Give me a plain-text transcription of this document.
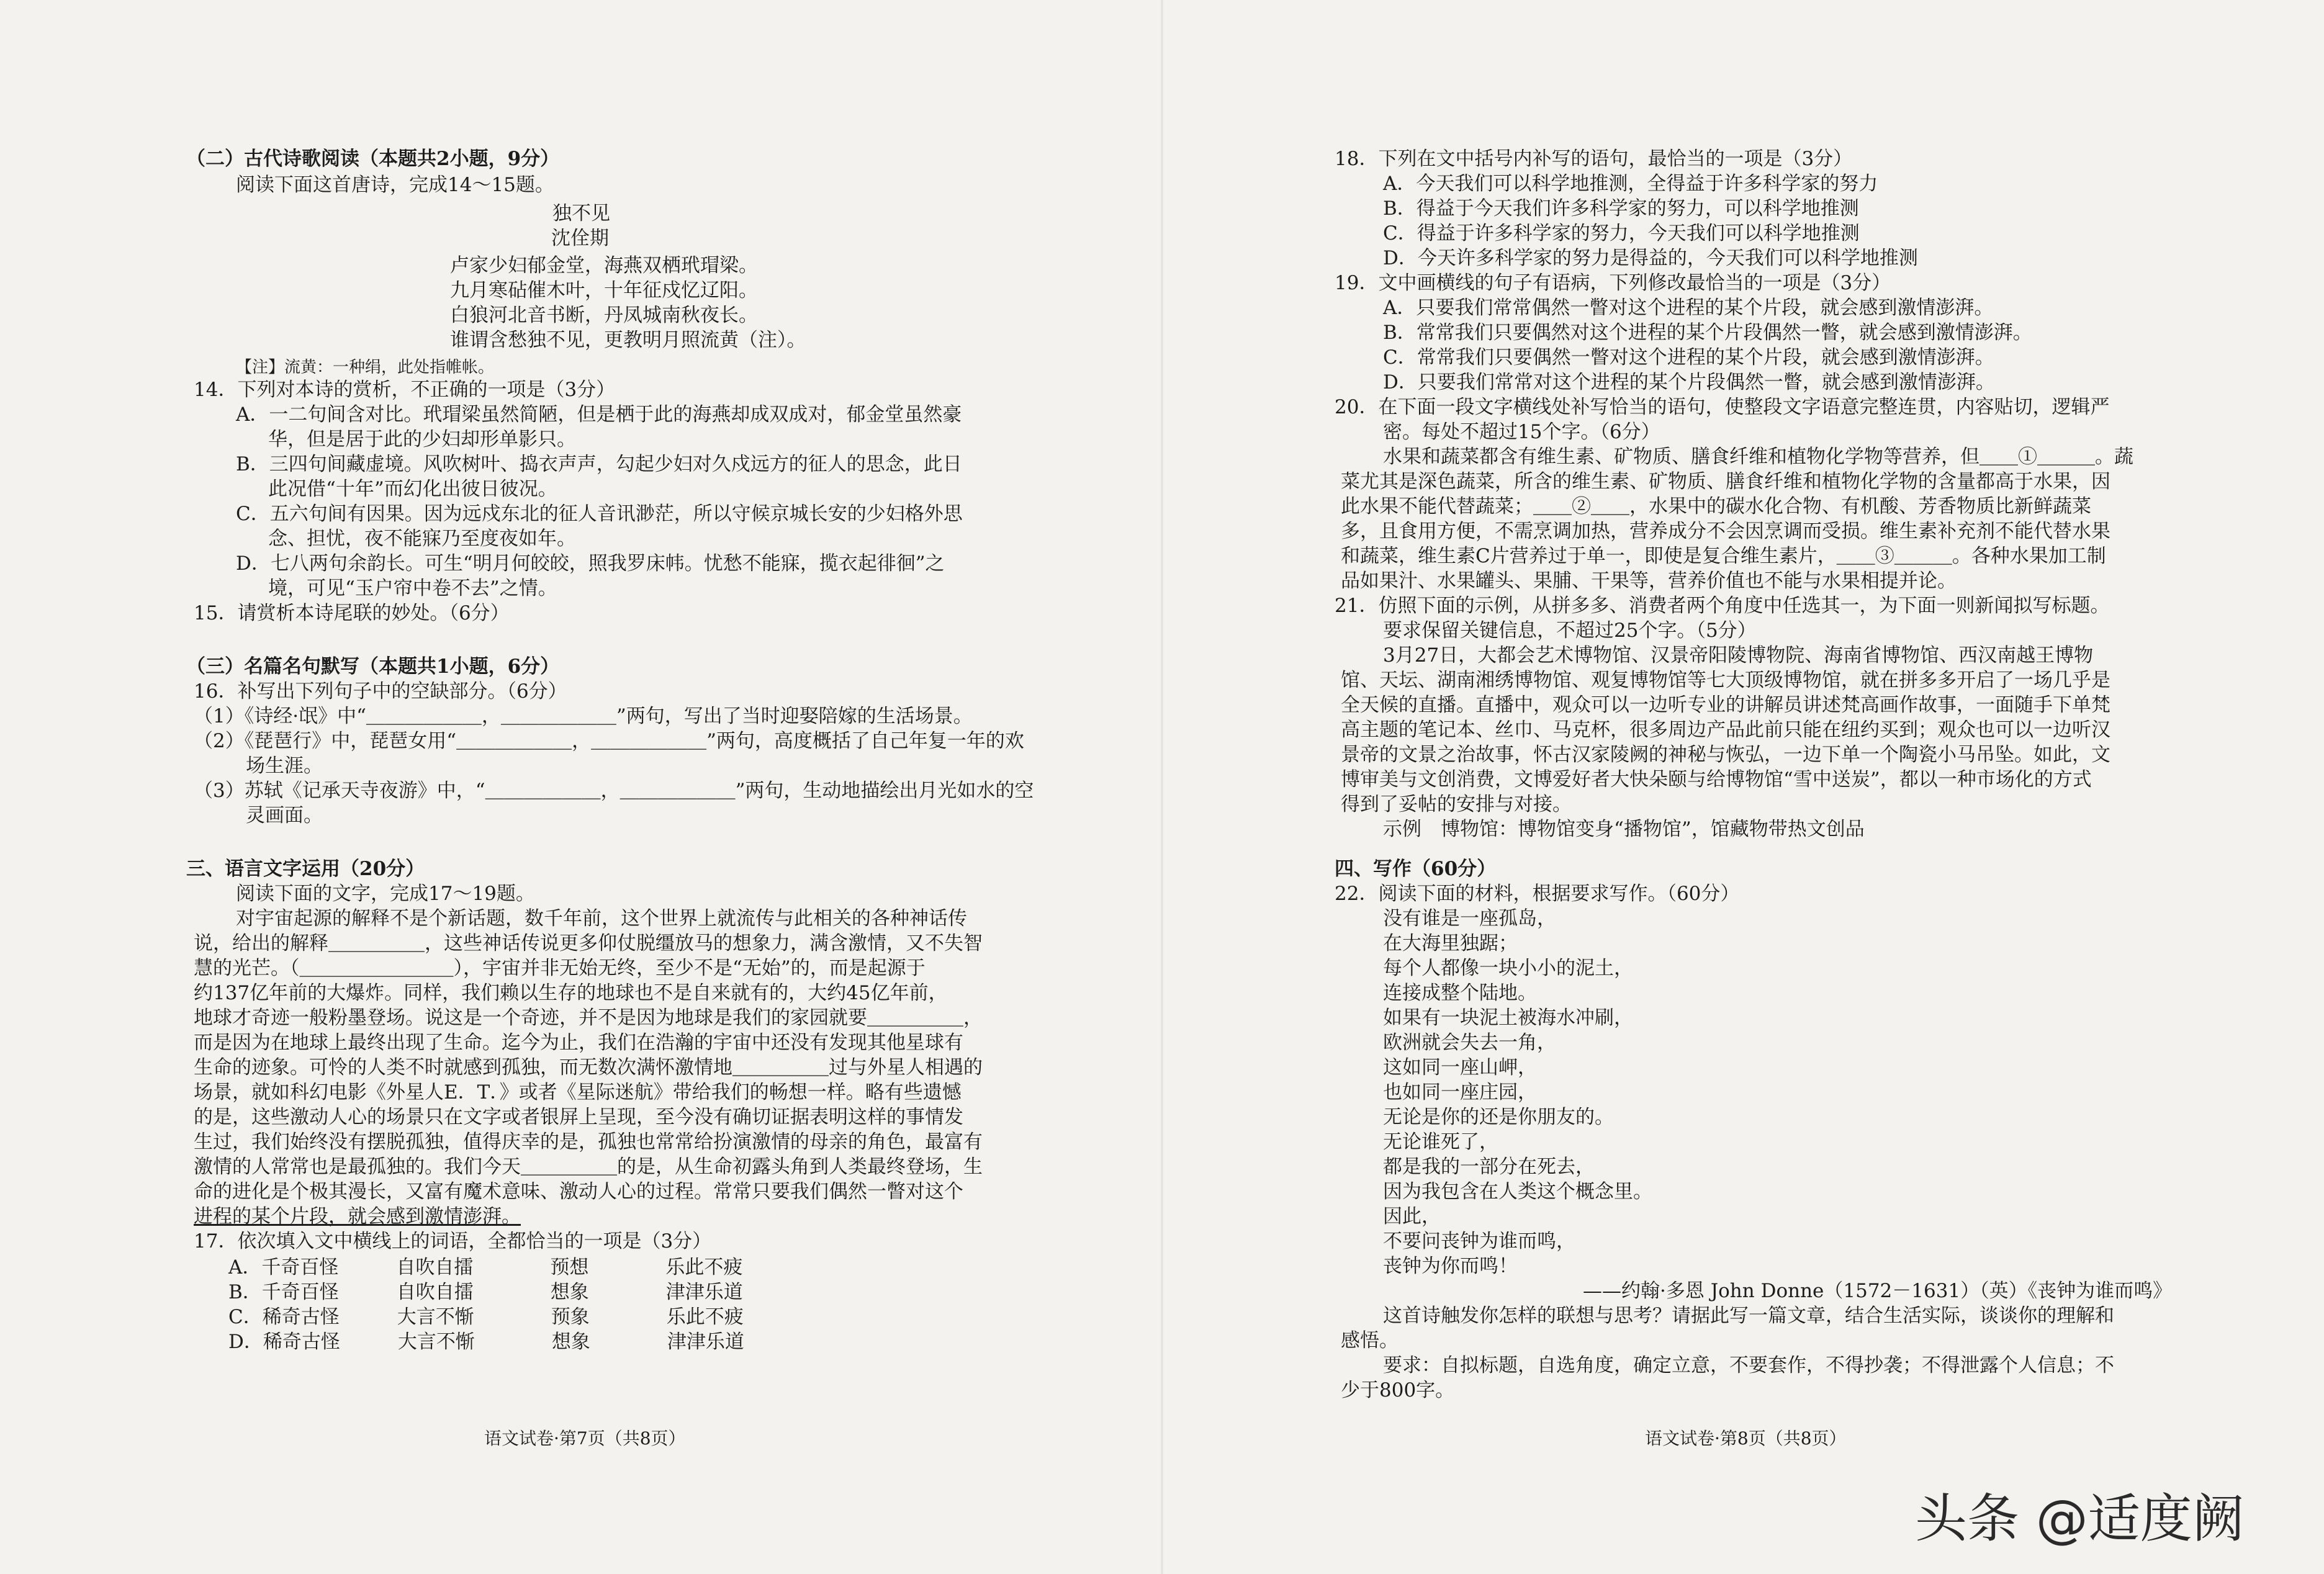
（二）古代诗歌阅读（本题共2小题，9分）
阅读下面这首唐诗，完成14～15题。
独不见
沈佺期
卢家少妇郁金堂，海燕双栖玳瑁梁。
九月寒砧催木叶，十年征戍忆辽阳。
白狼河北音书断，丹凤城南秋夜长。
谁谓含愁独不见，更教明月照流黄（注）。
【注】流黄：一种绢，此处指帷帐。
14．下列对本诗的赏析，不正确的一项是（3分）
A．一二句间含对比。玳瑁梁虽然简陋，但是栖于此的海燕却成双成对，郁金堂虽然豪
华，但是居于此的少妇却形单影只。
B．三四句间藏虚境。风吹树叶、捣衣声声，勾起少妇对久戍远方的征人的思念，此日
此况借“十年”而幻化出彼日彼况。
C．五六句间有因果。因为远戍东北的征人音讯渺茫，所以守候京城长安的少妇格外思
念、担忧，夜不能寐乃至度夜如年。
D．七八两句余韵长。可生“明月何皎皎，照我罗床帏。忧愁不能寐，揽衣起徘徊”之
境，可见“玉户帘中卷不去”之情。
15．请赏析本诗尾联的妙处。（6分）
（三）名篇名句默写（本题共1小题，6分）
16．补写出下列句子中的空缺部分。（6分）
（1）《诗经·氓》中“＿＿＿＿＿＿，＿＿＿＿＿＿”两句，写出了当时迎娶陪嫁的生活场景。
（2）《琵琶行》中，琵琶女用“＿＿＿＿＿＿，＿＿＿＿＿＿”两句，高度概括了自己年复一年的欢
场生涯。
（3）苏轼《记承天寺夜游》中，“＿＿＿＿＿＿，＿＿＿＿＿＿”两句，生动地描绘出月光如水的空
灵画面。
三、语言文字运用（20分）
阅读下面的文字，完成17～19题。
对宇宙起源的解释不是个新话题，数千年前，这个世界上就流传与此相关的各种神话传
说，给出的解释＿＿＿＿＿，这些神话传说更多仰仗脱缰放马的想象力，满含激情，又不失智
慧的光芒。（＿＿＿＿＿＿＿＿），宇宙并非无始无终，至少不是“无始”的，而是起源于
约137亿年前的大爆炸。同样，我们赖以生存的地球也不是自来就有的，大约45亿年前，
地球才奇迹一般粉墨登场。说这是一个奇迹，并不是因为地球是我们的家园就要＿＿＿＿＿，
而是因为在地球上最终出现了生命。迄今为止，我们在浩瀚的宇宙中还没有发现其他星球有
生命的迹象。可怜的人类不时就感到孤独，而无数次满怀激情地＿＿＿＿＿过与外星人相遇的
场景，就如科幻电影《外星人E．T．》或者《星际迷航》带给我们的畅想一样。略有些遗憾
的是，这些激动人心的场景只在文字或者银屏上呈现，至今没有确切证据表明这样的事情发
生过，我们始终没有摆脱孤独，值得庆幸的是，孤独也常常给扮演激情的母亲的角色，最富有
激情的人常常也是最孤独的。我们今天＿＿＿＿＿的是，从生命初露头角到人类最终登场，生
命的进化是个极其漫长，又富有魔术意味、激动人心的过程。常常只要我们偶然一瞥对这个
进程的某个片段，就会感到激情澎湃。
17．依次填入文中横线上的词语，全都恰当的一项是（3分）
A．千奇百怪　　　自吹自擂　　　　预想　　　　乐此不疲
B．千奇百怪　　　自吹自擂　　　　想象　　　　津津乐道
C．稀奇古怪　　　大言不惭　　　　预象　　　　乐此不疲
D．稀奇古怪　　　大言不惭　　　　想象　　　　津津乐道
18．下列在文中括号内补写的语句，最恰当的一项是（3分）
A．今天我们可以科学地推测，全得益于许多科学家的努力
B．得益于今天我们许多科学家的努力，可以科学地推测
C．得益于许多科学家的努力，今天我们可以科学地推测
D．今天许多科学家的努力是得益的，今天我们可以科学地推测
19．文中画横线的句子有语病，下列修改最恰当的一项是（3分）
A．只要我们常常偶然一瞥对这个进程的某个片段，就会感到激情澎湃。
B．常常我们只要偶然对这个进程的某个片段偶然一瞥，就会感到激情澎湃。
C．常常我们只要偶然一瞥对这个进程的某个片段，就会感到激情澎湃。
D．只要我们常常对这个进程的某个片段偶然一瞥，就会感到激情澎湃。
20．在下面一段文字横线处补写恰当的语句，使整段文字语意完整连贯，内容贴切，逻辑严
密。每处不超过15个字。（6分）
水果和蔬菜都含有维生素、矿物质、膳食纤维和植物化学物等营养，但＿＿①＿＿＿。蔬
菜尤其是深色蔬菜，所含的维生素、矿物质、膳食纤维和植物化学物的含量都高于水果，因
此水果不能代替蔬菜；＿＿②＿＿，水果中的碳水化合物、有机酸、芳香物质比新鲜蔬菜
多，且食用方便，不需烹调加热，营养成分不会因烹调而受损。维生素补充剂不能代替水果
和蔬菜，维生素C片营养过于单一，即使是复合维生素片，＿＿③＿＿＿。各种水果加工制
品如果汁、水果罐头、果脯、干果等，营养价值也不能与水果相提并论。
21．仿照下面的示例，从拼多多、消费者两个角度中任选其一，为下面一则新闻拟写标题。
要求保留关键信息，不超过25个字。（5分）
3月27日，大都会艺术博物馆、汉景帝阳陵博物院、海南省博物馆、西汉南越王博物
馆、天坛、湖南湘绣博物馆、观复博物馆等七大顶级博物馆，就在拼多多开启了一场几乎是
全天候的直播。直播中，观众可以一边听专业的讲解员讲述梵高画作故事，一面随手下单梵
高主题的笔记本、丝巾、马克杯，很多周边产品此前只能在纽约买到；观众也可以一边听汉
景帝的文景之治故事，怀古汉家陵阙的神秘与恢弘，一边下单一个陶瓷小马吊坠。如此，文
博审美与文创消费，文博爱好者大快朵颐与给博物馆“雪中送炭”，都以一种市场化的方式
得到了妥帖的安排与对接。
示例　博物馆：博物馆变身“播物馆”，馆藏物带热文创品
四、写作（60分）
22．阅读下面的材料，根据要求写作。（60分）
没有谁是一座孤岛，
在大海里独踞；
每个人都像一块小小的泥土，
连接成整个陆地。
如果有一块泥土被海水冲刷，
欧洲就会失去一角，
这如同一座山岬，
也如同一座庄园，
无论是你的还是你朋友的。
无论谁死了，
都是我的一部分在死去，
因为我包含在人类这个概念里。
因此，
不要问丧钟为谁而鸣，
丧钟为你而鸣！
——约翰·多恩 John Donne（1572－1631）（英）《丧钟为谁而鸣》
这首诗触发你怎样的联想与思考？请据此写一篇文章，结合生活实际，谈谈你的理解和
感悟。
要求：自拟标题，自选角度，确定立意，不要套作，不得抄袭；不得泄露个人信息；不
少于800字。
语文试卷·第7页（共8页）	语文试卷·第8页（共8页）
头条 @适度阙
